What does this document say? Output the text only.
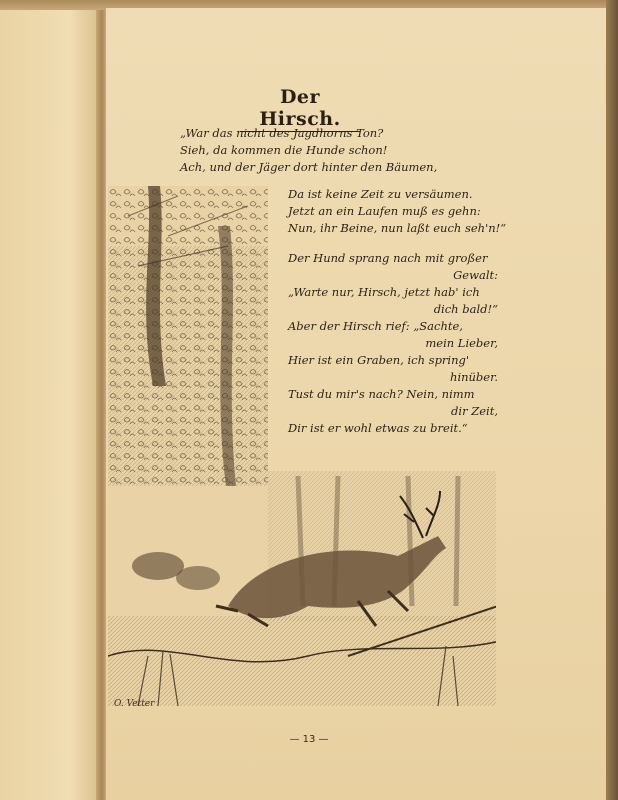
Der Hirsch.
„War das nicht des Jagdhorns Ton?
Sieh, da kommen die Hunde schon!
Ach, und der Jäger dort hinter den Bäumen,
Da ist keine Zeit zu versäumen.
Jetzt an ein Laufen muß es gehn:
Nun, ihr Beine, nun laßt euch seh'n!“
Der Hund sprang nach mit großer
Gewalt:
„Warte nur, Hirsch, jetzt hab' ich
dich bald!“
Aber der Hirsch rief: „Sachte,
mein Lieber,
Hier ist ein Graben, ich spring'
hinüber.
Tust du mir's nach? Nein, nimm
dir Zeit,
Dir ist er wohl etwas zu breit.“
O. Vetter
— 13 —
